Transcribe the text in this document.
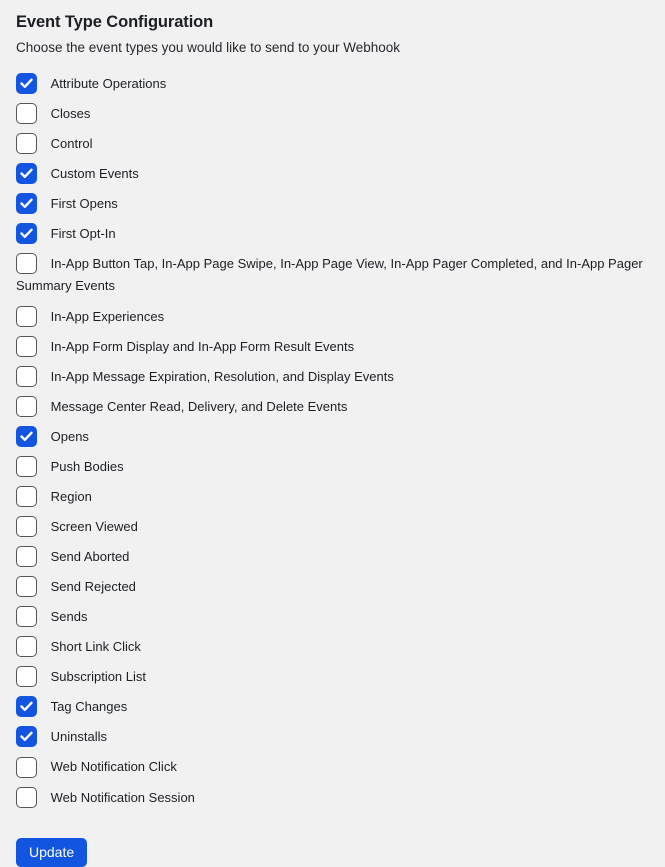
Event Type Configuration

Choose the event types you would like to send to your Webhook

Attribute Operations
Closes
Control
Custom Events
First Opens
First Opt-In
In-App Button Tap, In-App Page Swipe, In-App Page View, In-App Pager Completed, and In-App Pager Summary Events
In-App Experiences
In-App Form Display and In-App Form Result Events
In-App Message Expiration, Resolution, and Display Events
Message Center Read, Delivery, and Delete Events
Opens
Push Bodies
Region
Screen Viewed
Send Aborted
Send Rejected
Sends
Short Link Click
Subscription List
Tag Changes
Uninstalls
Web Notification Click
Web Notification Session
Update
